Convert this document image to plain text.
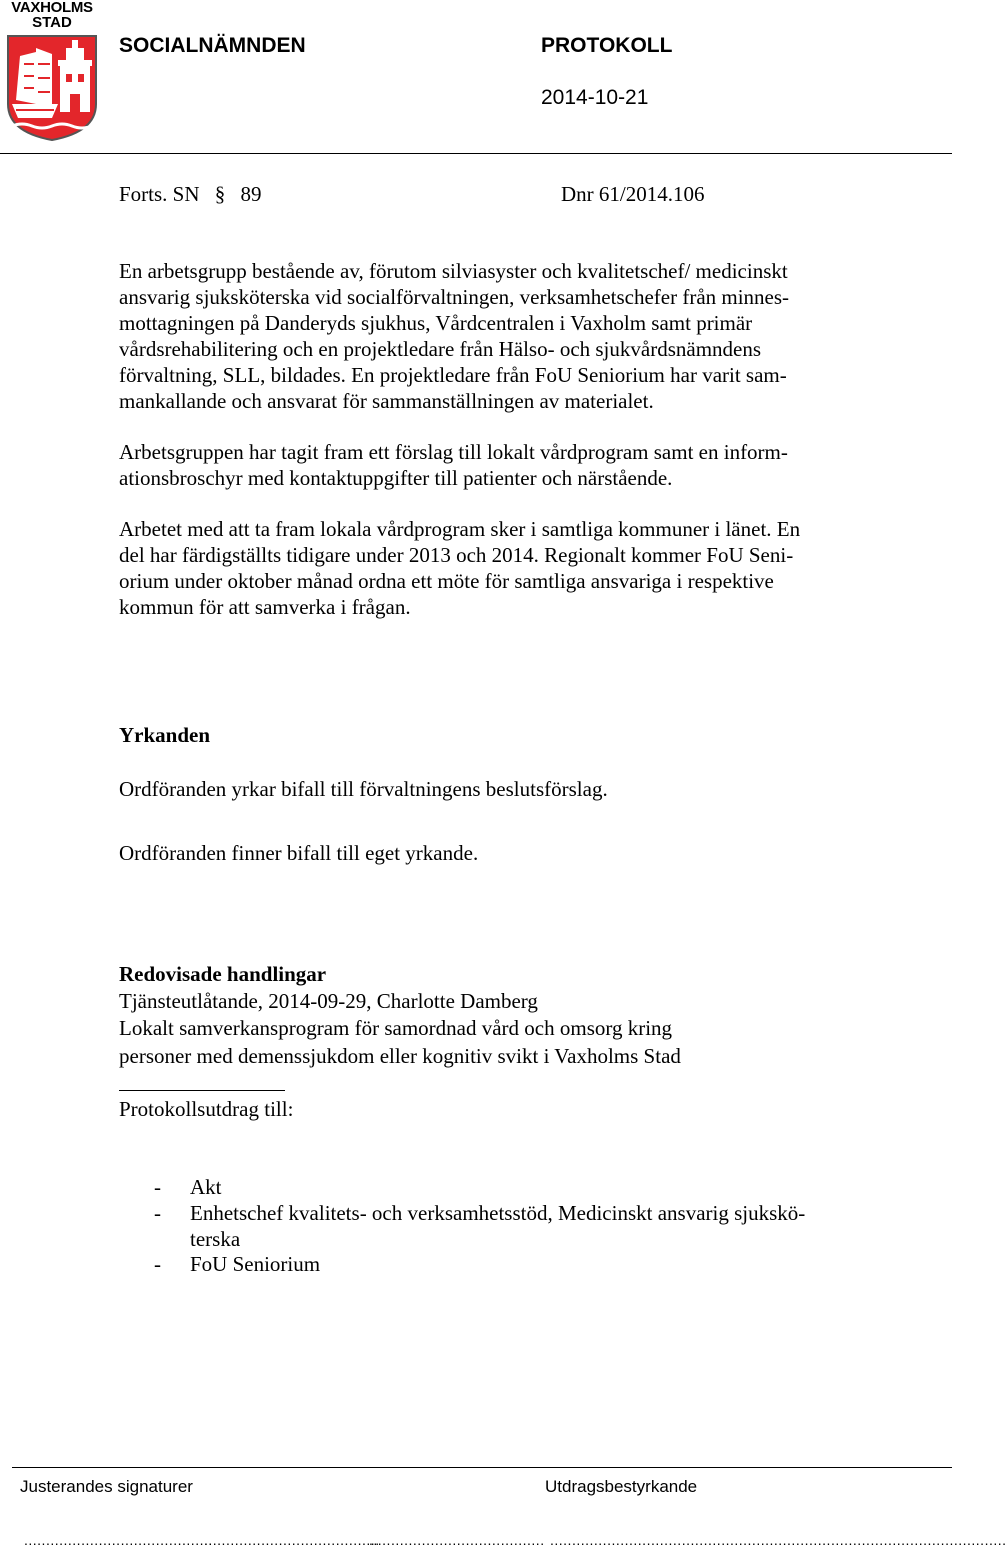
VAXHOLMS
STAD
SOCIALNÄMNDEN	PROTOKOLL
2014-10-21
Forts. SN § 89	Dnr 61/2014.106
En arbetsgrupp bestående av, förutom silviasyster och kvalitetschef/ medicinskt
ansvarig sjuksköterska vid socialförvaltningen, verksamhetschefer från minnes-
mottagningen på Danderyds sjukhus, Vårdcentralen i Vaxholm samt primär
vårdsrehabilitering och en projektledare från Hälso- och sjukvårdsnämndens
förvaltning, SLL, bildades. En projektledare från FoU Seniorium har varit sam-
mankallande och ansvarat för sammanställningen av materialet.
Arbetsgruppen har tagit fram ett förslag till lokalt vårdprogram samt en inform-
ationsbroschyr med kontaktuppgifter till patienter och närstående.
Arbetet med att ta fram lokala vårdprogram sker i samtliga kommuner i länet. En
del har färdigställts tidigare under 2013 och 2014. Regionalt kommer FoU Seni-
orium under oktober månad ordna ett möte för samtliga ansvariga i respektive
kommun för att samverka i frågan.
Yrkanden
Ordföranden yrkar bifall till förvaltningens beslutsförslag.
Ordföranden finner bifall till eget yrkande.
Redovisade handlingar
Tjänsteutlåtande, 2014-09-29, Charlotte Damberg
Lokalt samverkansprogram för samordnad vård och omsorg kring
personer med demenssjukdom eller kognitiv svikt i Vaxholms Stad
Protokollsutdrag till:
- Akt
- Enhetschef kvalitets- och verksamhetsstöd, Medicinskt ansvarig sjukskö-
terska
- FoU Seniorium
Justerandes signaturer	Utdragsbestyrkande
...........................................
........................................
........................................ ........................................................................................................
